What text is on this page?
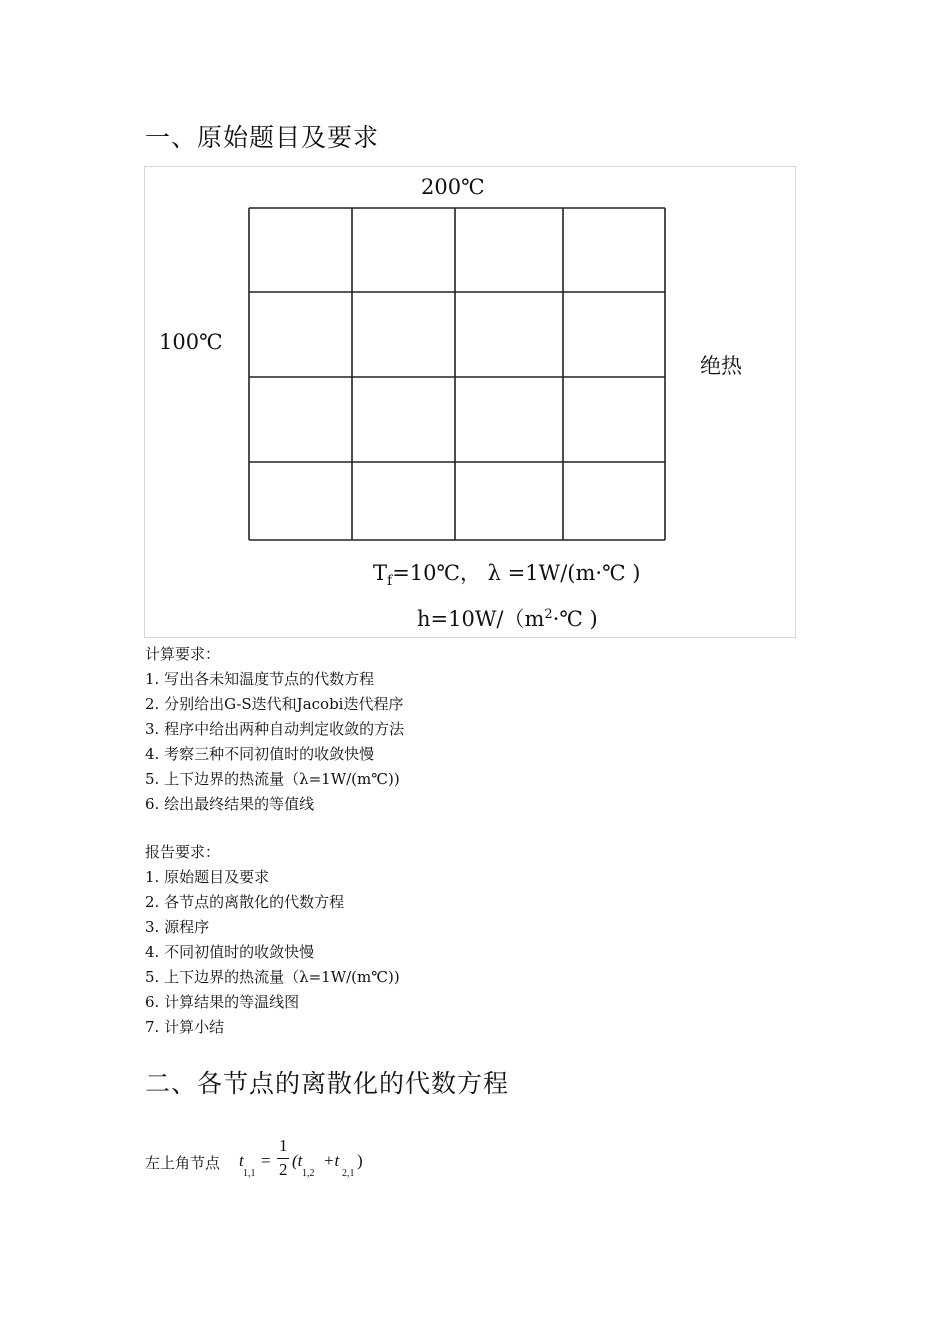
一、原始题目及要求
200℃
100℃
绝热
$T_f=10℃$， λ =1W/(m·℃ )
$h=10W/(m^2\cdot℃$ )
计算要求：
1. 写出各未知温度节点的代数方程
2. 分别给出G-S迭代和Jacobi迭代程序
3. 程序中给出两种自动判定收敛的方法
4. 考察三种不同初值时的收敛快慢
5. 上下边界的热流量（λ=1W/(m℃))
6. 绘出最终结果的等值线
报告要求：
1. 原始题目及要求
2. 各节点的离散化的代数方程
3. 源程序
4. 不同初值时的收敛快慢
5. 上下边界的热流量（λ=1W/(m℃))
6. 计算结果的等温线图
7. 计算小结
二、各节点的离散化的代数方程
左上角节点 t
1,1
=
1
2 (t
1,2
+t
2,1
)
